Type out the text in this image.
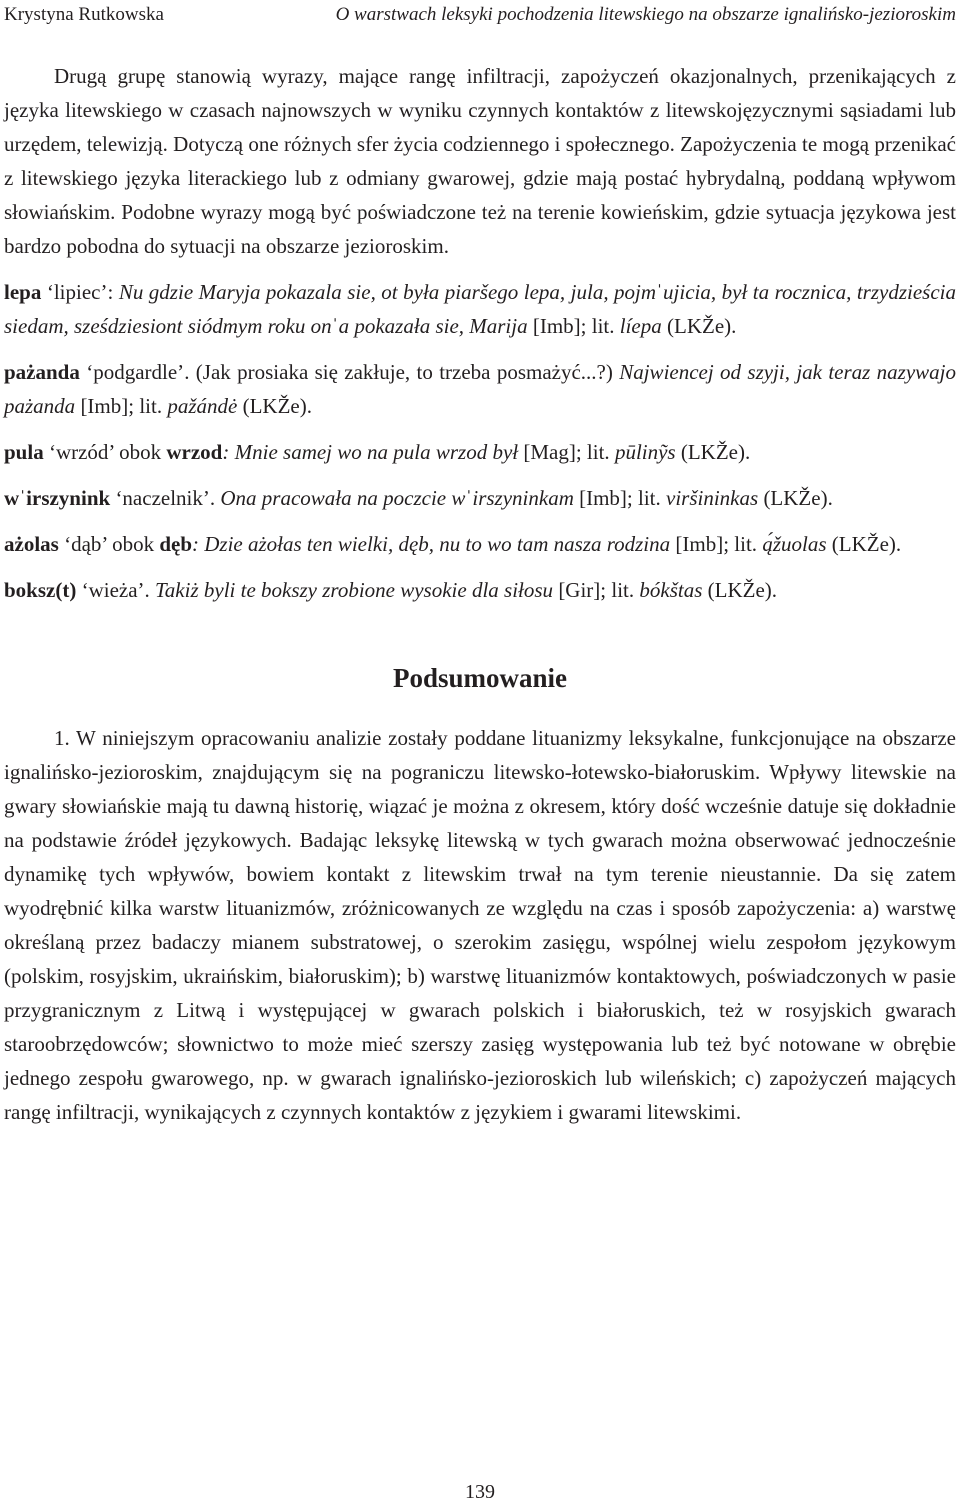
Krystyna Rutkowska	O warstwach leksyki pochodzenia litewskiego na obszarze ignalińsko-jezioroskim

Drugą grupę stanowią wyrazy, mające rangę infiltracji, zapożyczeń okazjonalnych, przenikających z języka litewskiego w czasach najnowszych w wyniku czynnych kontaktów z litewskojęzycznymi sąsiadami lub urzędem, telewizją. Dotyczą one różnych sfer życia codziennego i społecznego. Zapożyczenia te mogą przenikać z litewskiego języka literackiego lub z odmiany gwarowej, gdzie mają postać hybrydalną, poddaną wpływom słowiańskim. Podobne wyrazy mogą być poświadczone też na terenie kowieńskim, gdzie sytuacja językowa jest bardzo pobodna do sytuacji na obszarze jezioroskim.

lepa ‘lipiec’: Nu gdzie Maryja pokazala sie, ot była piaršego lepa, jula, pojmˈujicia, był ta rocznica, trzydzieścia siedam, sześdziesiont siódmym roku onˈa pokazała sie, Marija [Imb]; lit. líepa (LKŽe).

pażanda ‘podgardle’. (Jak prosiaka się zakłuje, to trzeba posmażyć...?) Najwiencej od szyji, jak teraz nazywajo pażanda [Imb]; lit. pažándė (LKŽe).

pula ‘wrzód’ obok wrzod: Mnie samej wo na pula wrzod był [Mag]; lit. pūlinỹs (LKŽe).

wˈirszynink ‘naczelnik’. Ona pracowała na poczcie wˈirszyninkam [Imb]; lit. viršininkas (LKŽe).

ażolas ‘dąb’ obok dęb: Dzie ażołas ten wielki, dęb, nu to wo tam nasza rodzina [Imb]; lit. ą́žuolas (LKŽe).

boksz(t) ‘wieża’. Takiż byli te bokszy zrobione wysokie dla siłosu [Gir]; lit. bókštas (LKŽe).

Podsumowanie

1. W niniejszym opracowaniu analizie zostały poddane lituanizmy leksykalne, funkcjonujące na obszarze ignalińsko-jezioroskim, znajdującym się na pograniczu litewsko-łotewsko-białoruskim. Wpływy litewskie na gwary słowiańskie mają tu dawną historię, wiązać je można z okresem, który dość wcześnie datuje się dokładnie na podstawie źródeł językowych. Badając leksykę litewską w tych gwarach można obserwować jednocześnie dynamikę tych wpływów, bowiem kontakt z litewskim trwał na tym terenie nieustannie. Da się zatem wyodrębnić kilka warstw lituanizmów, zróżnicowanych ze względu na czas i sposób zapożyczenia: a) warstwę określaną przez badaczy mianem substratowej, o szerokim zasięgu, wspólnej wielu zespołom językowym (polskim, rosyjskim, ukraińskim, białoruskim); b) warstwę lituanizmów kontaktowych, poświadczonych w pasie przygranicznym z Litwą i występującej w gwarach polskich i białoruskich, też w rosyjskich gwarach staroobrzędowców; słownictwo to może mieć szerszy zasięg występowania lub też być notowane w obrębie jednego zespołu gwarowego, np. w gwarach ignalińsko-jezioroskich lub wileńskich; c) zapożyczeń mających rangę infiltracji, wynikających z czynnych kontaktów z językiem i gwarami litewskimi.

139
